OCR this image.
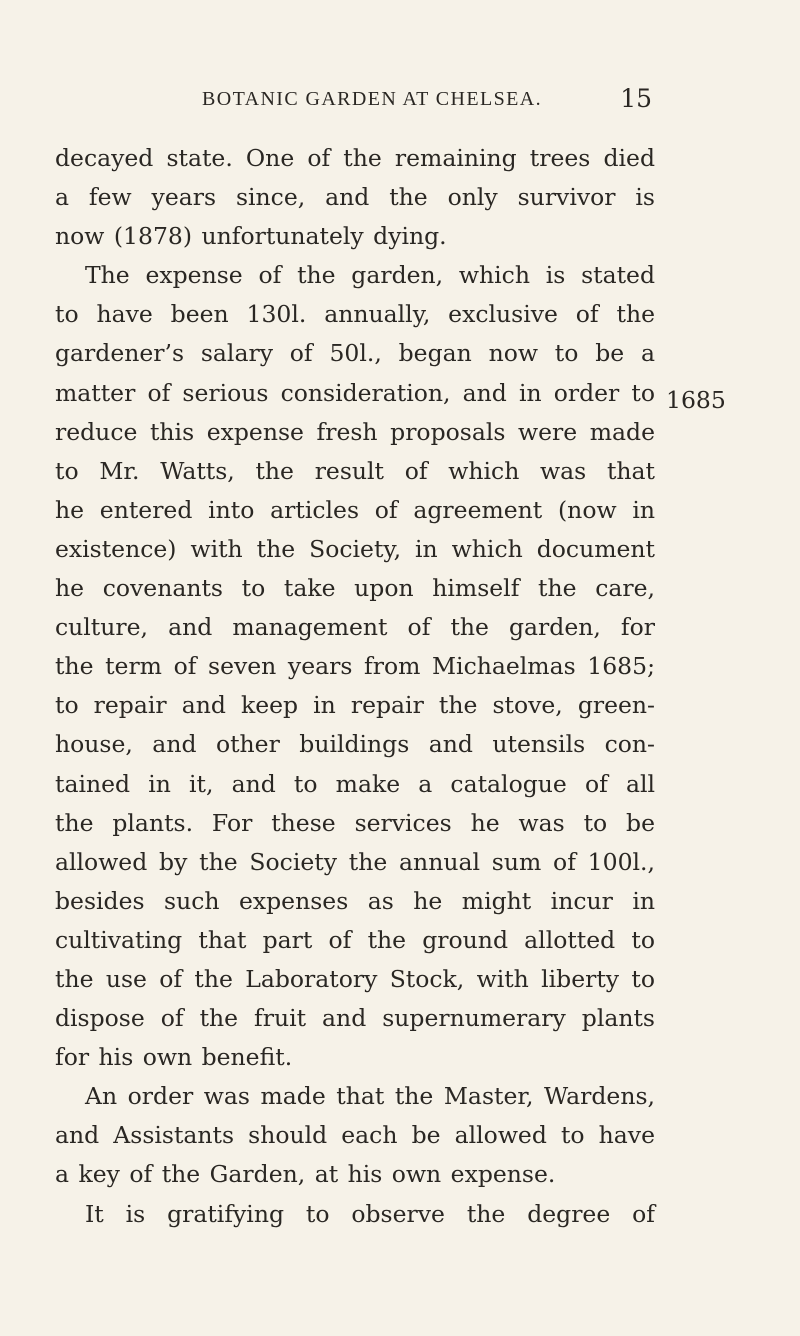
BOTANIC GARDEN AT CHELSEA.	15
1685
decayed state. One of the remaining trees died
a few years since, and the only survivor is
now (1878) unfortunately dying.
The expense of the garden, which is stated
to have been 130l. annually, exclusive of the
gardener’s salary of 50l., began now to be a
matter of serious consideration, and in order to
reduce this expense fresh proposals were made
to Mr. Watts, the result of which was that
he entered into articles of agreement (now in
existence) with the Society, in which document
he covenants to take upon himself the care,
culture, and management of the garden, for
the term of seven years from Michaelmas 1685;
to repair and keep in repair the stove, green-
house, and other buildings and utensils con-
tained in it, and to make a catalogue of all
the plants. For these services he was to be
allowed by the Society the annual sum of 100l.,
besides such expenses as he might incur in
cultivating that part of the ground allotted to
the use of the Laboratory Stock, with liberty to
dispose of the fruit and supernumerary plants
for his own benefit.
An order was made that the Master, Wardens,
and Assistants should each be allowed to have
a key of the Garden, at his own expense.
It is gratifying to observe the degree of
